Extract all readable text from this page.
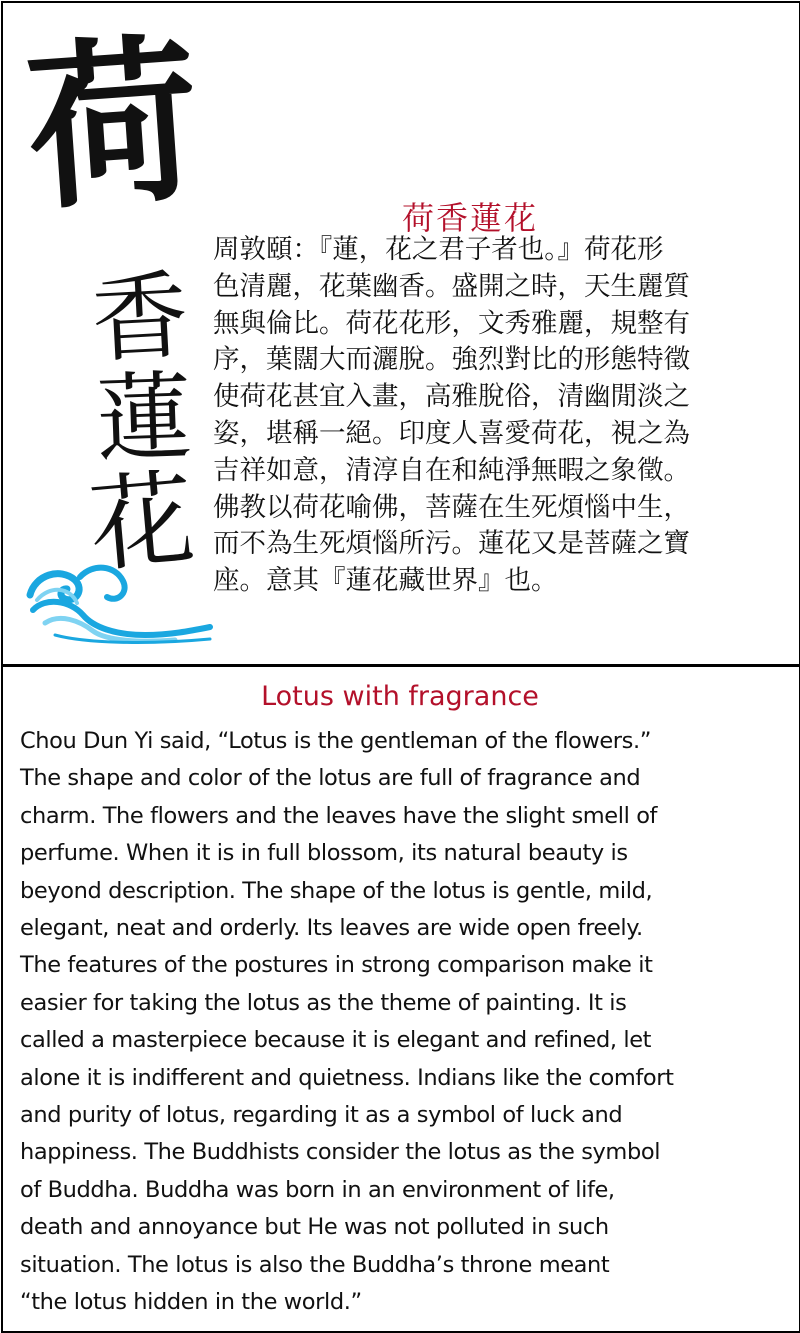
荷
香
蓮
花
荷香蓮花
周敦頤：『蓮，花之君子者也。』荷花形
色清麗，花葉幽香。盛開之時，天生麗質
無與倫比。荷花花形，文秀雅麗，規整有
序，葉闊大而灑脫。強烈對比的形態特徵
使荷花甚宜入畫，高雅脫俗，清幽閒淡之
姿，堪稱一絕。印度人喜愛荷花，視之為
吉祥如意，清淳自在和純淨無暇之象徵。
佛教以荷花喻佛，菩薩在生死煩惱中生，
而不為生死煩惱所污。蓮花又是菩薩之寶
座。意其『蓮花藏世界』也。
Lotus with fragrance
Chou Dun Yi said, “Lotus is the gentleman of the flowers.”
The shape and color of the lotus are full of fragrance and
charm. The flowers and the leaves have the slight smell of
perfume. When it is in full blossom, its natural beauty is
beyond description. The shape of the lotus is gentle, mild,
elegant, neat and orderly. Its leaves are wide open freely.
The features of the postures in strong comparison make it
easier for taking the lotus as the theme of painting. It is
called a masterpiece because it is elegant and refined, let
alone it is indifferent and quietness. Indians like the comfort
and purity of lotus, regarding it as a symbol of luck and
happiness. The Buddhists consider the lotus as the symbol
of Buddha. Buddha was born in an environment of life,
death and annoyance but He was not polluted in such
situation. The lotus is also the Buddha’s throne meant
“the lotus hidden in the world.”
